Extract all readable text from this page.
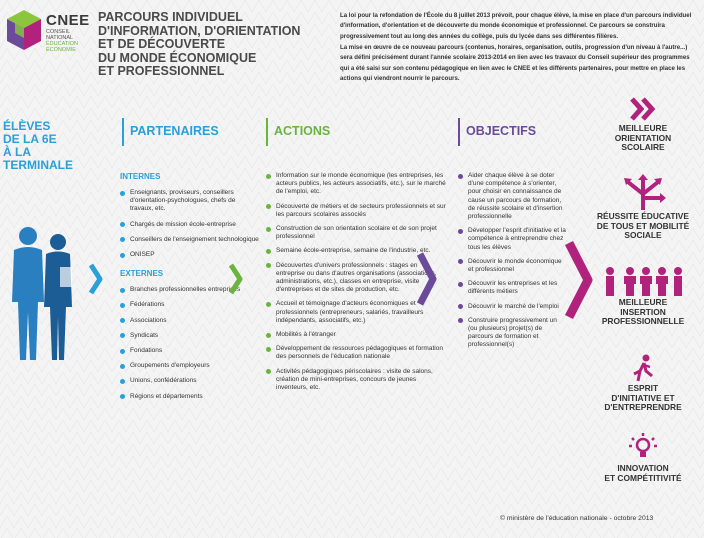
CNEE
CONSEIL
NATIONAL
ÉDUCATION
ÉCONOMIE
PARCOURS INDIVIDUEL
D'INFORMATION, D'ORIENTATION
ET DE DÉCOUVERTE
DU MONDE ÉCONOMIQUE
ET PROFESSIONNEL

La loi pour la refondation de l'École du 8 juillet 2013 prévoit, pour chaque élève, la mise en place d'un parcours individuel d'information, d'orientation et de découverte du monde économique et professionnel. Ce parcours se construira progressivement tout au long des années du collège, puis du lycée dans ses différentes filières.

La mise en œuvre de ce nouveau parcours (contenus, horaires, organisation, outils, progression d'un niveau à l'autre...) sera défini précisément durant l'année scolaire 2013-2014 en lien avec les travaux du Conseil supérieur des programmes qui a été saisi sur son contenu pédagogique en lien avec le CNEE et les différents partenaires, pour mettre en place les actions qui viendront nourrir le parcours.

ÉLÈVES
DE LA 6E
À LA
TERMINALE
PARTENAIRES	ACTIONS	OBJECTIFS
INTERNES
Enseignants, proviseurs, conseillers d'orientation-psychologues, chefs de travaux, etc.
Chargés de mission école-entreprise
Conseillers de l'enseignement technologique
ONISEP
EXTERNES
Branches professionnelles entreprises
Fédérations
Associations
Syndicats
Fondations
Groupements d'employeurs
Unions, confédérations
Régions et départements
Information sur le monde économique (les entreprises, les acteurs publics, les acteurs associatifs, etc.), sur le marché de l'emploi, etc.
Découverte de métiers et de secteurs professionnels et sur les parcours scolaires associés
Construction de son orientation scolaire et de son projet professionnel
Semaine école-entreprise, semaine de l'industrie, etc.
Découvertes d'univers professionnels : stages en entreprise ou dans d'autres organisations (associations, administrations, etc.), classes en entreprise, visite d'entreprises et de sites de production, etc.
Accueil et témoignage d'acteurs économiques et professionnels (entrepreneurs, salariés, travailleurs indépendants, associatifs, etc.)
Mobilités à l'étranger
Développement de ressources pédagogiques et formation des personnels de l'éducation nationale
Activités pédagogiques périscolaires : visite de salons, création de mini-entreprises, concours de jeunes inventeurs, etc.
Aider chaque élève à se doter d'une compétence à s'orienter, pour choisir en connaissance de cause un parcours de formation, de réussite scolaire et d'insertion professionnelle
Développer l'esprit d'initiative et la compétence à entreprendre chez tous les élèves
Découvrir le monde économique et professionnel
Découvrir les entreprises et les différents métiers
Découvrir le marché de l'emploi
Construire progressivement un (ou plusieurs) projet(s) de parcours de formation et professionnel(s)
MEILLEURE
ORIENTATION
SCOLAIRE
RÉUSSITE ÉDUCATIVE
DE TOUS ET MOBILITÉ
SOCIALE
MEILLEURE
INSERTION
PROFESSIONNELLE
ESPRIT
D'INITIATIVE ET
D'ENTREPRENDRE
INNOVATION
ET COMPÉTITIVITÉ
© ministère de l'éducation nationale - octobre 2013
